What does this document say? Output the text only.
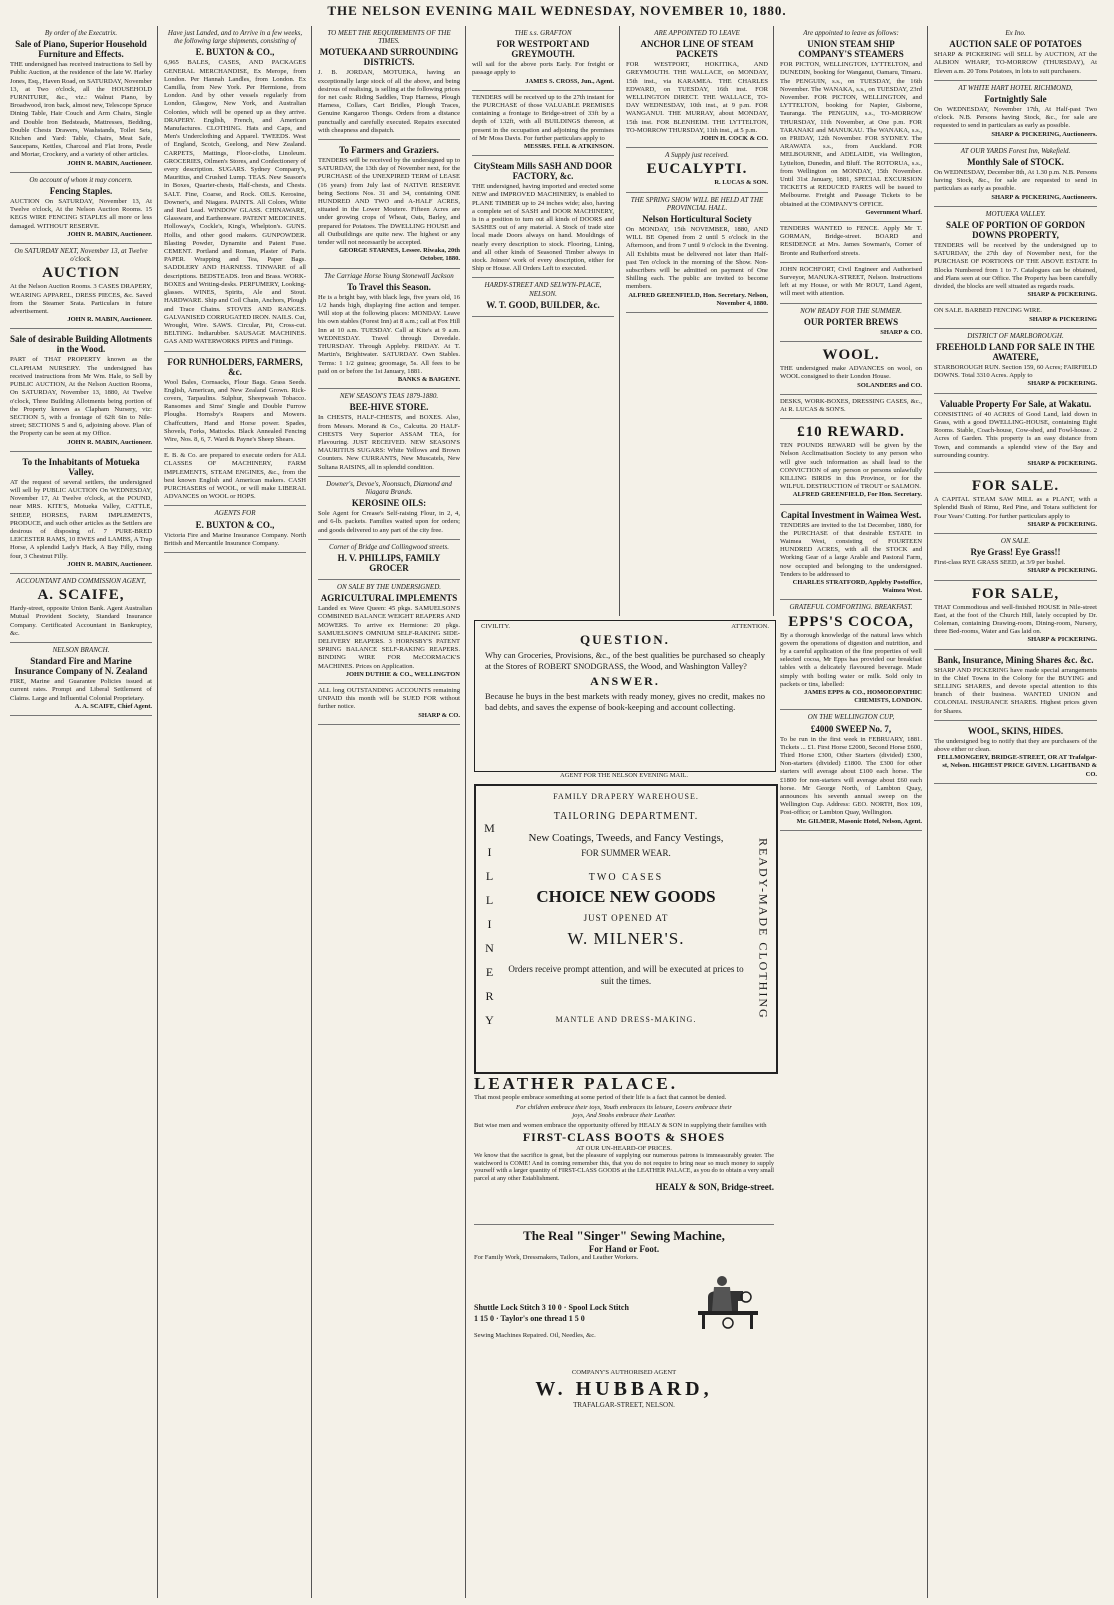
THE NELSON EVENING MAIL WEDNESDAY, NOVEMBER 10, 1880.
By order of the Executrix.
Sale of Piano, Superior Household Furniture and Effects.
THE undersigned has received instructions to Sell by Public Auction, at the residence of the late W. Harley Jones, Esq., Haven Road, on SATURDAY, November 13, at Two o'clock, all the HOUSEHOLD FURNITURE, &c., viz.: Walnut Piano, by Broadwood, iron back, almost new, Telescope Spruce Dining Table, Hair Couch and Arm Chairs, Single and Double Iron Bedsteads, Mattresses, Bedding, Double Chests Drawers, Washstands, Toilet Sets, Kitchen and Yard: Table, Chairs, Meat Safe, Saucepans, Kettles, Charcoal and Flat Irons, Pestle and Mortar, Crockery, and a variety of other articles.
JOHN R. MABIN, Auctioneer.
On account of whom it may concern.
Fencing Staples.
AUCTION On SATURDAY, November 13, At Twelve o'clock, At the Nelson Auction Rooms. 15 KEGS WIRE FENCING STAPLES all more or less damaged. WITHOUT RESERVE.
JOHN R. MABIN, Auctioneer.
On SATURDAY NEXT, November 13, at Twelve o'clock.
AUCTION
At the Nelson Auction Rooms. 3 CASES DRAPERY, WEARING APPAREL, DRESS PIECES, &c. Saved from the Steamer Srata. Particulars in future advertisement.
JOHN R. MABIN, Auctioneer.
Sale of desirable Building Allotments in the Wood.
PART of THAT PROPERTY known as the CLAPHAM NURSERY. The undersigned has received instructions from Mr Wm. Hale, to Sell by PUBLIC AUCTION, At the Nelson Auction Rooms, On SATURDAY, November 13, 1880, At Twelve o'clock, Three Building Allotments being portion of the Property known as Clapham Nursery, viz: SECTION 5, with a frontage of 62ft 6in to Nile-street; SECTIONS 5 and 6, adjoining above. Plan of the Property can be seen at my Office.
JOHN R. MABIN, Auctioneer.
To the Inhabitants of Motueka Valley.
AT the request of several settlers, the undersigned will sell by PUBLIC AUCTION On WEDNESDAY, November 17, At Twelve o'clock, at the POUND, near MRS. KITE'S, Motueka Valley, CATTLE, SHEEP, HORSES, FARM IMPLEMENTS, PRODUCE, and such other articles as the Settlers are desirous of disposing of. 7 PURE-BRED LEICESTER RAMS, 10 EWES and LAMBS, A Trap Horse, A splendid Lady's Hack, A Bay Filly, rising four, 3 Chestnut Filly.
JOHN R. MABIN, Auctioneer.
ACCOUNTANT AND COMMISSION AGENT,
A. SCAIFE,
Hardy-street, opposite Union Bank. Agent Australian Mutual Provident Society, Standard Insurance Company. Certificated Accountant in Bankruptcy, &c.
NELSON BRANCH.
Standard Fire and Marine Insurance Company of N. Zealand
FIRE, Marine and Guarantee Policies issued at current rates. Prompt and Liberal Settlement of Claims. Large and Influential Colonial Proprietary.
A. A. SCAIFE, Chief Agent.
Have just Landed, and to Arrive in a few weeks, the following large shipments, consisting of
E. BUXTON & CO.,
6,965 BALES, CASES, AND PACKAGES GENERAL MERCHANDISE, Ex Merope, from London. Per Hannah Landles, from London. Ex Camilla, from New York. Per Hermione, from London. And by other vessels regularly from London, Glasgow, New York, and Australian Colonies, which will be opened up as they arrive. DRAPERY. English, French, and American Manufactures. CLOTHING. Hats and Caps, and Men's Underclothing and Apparel. TWEEDS. West of England, Scotch, Geelong, and New Zealand. CARPETS, Mattings, Floor-cloths, Linoleum. GROCERIES, Oilmen's Stores, and Confectionery of every description. SUGARS. Sydney Company's, Mauritius, and Crushed Lump. TEAS. New Season's in Boxes, Quarter-chests, Half-chests, and Chests. SALT. Fine, Coarse, and Rock. OILS. Kerosine, Downer's, and Niagara. PAINTS. All Colors, White and Red Lead. WINDOW GLASS. CHINAWARE, Glassware, and Earthenware. PATENT MEDICINES. Holloway's, Cockle's, King's, Whelpton's. GUNS. Hollis, and other good makers. GUNPOWDER. Blasting Powder, Dynamite and Patent Fuse. CEMENT. Portland and Roman, Plaster of Paris. PAPER. Wrapping and Tea, Paper Bags. SADDLERY AND HARNESS. TINWARE of all descriptions. BEDSTEADS. Iron and Brass. WORK-BOXES and Writing-desks. PERFUMERY, Looking-glasses. WINES, Spirits, Ale and Stout. HARDWARE. Ship and Coil Chain, Anchors, Plough and Trace Chains. STOVES AND RANGES. GALVANISED CORRUGATED IRON. NAILS. Cut, Wrought, Wire. SAWS. Circular, Pit, Cross-cut. BELTING. Indiarubber. SAUSAGE MACHINES. GAS AND WATERWORKS PIPES and Fittings.
FOR RUNHOLDERS, FARMERS, &c.
Wool Bales, Cornsacks, Flour Bags. Grass Seeds. English, American, and New Zealand Grown. Rick-covers, Tarpaulins. Sulphur, Sheepwash Tobacco. Ransomes and Sims' Single and Double Furrow Ploughs. Hornsby's Reapers and Mowers. Chaffcutters, Hand and Horse power. Spades, Shovels, Forks, Mattocks. Black Annealed Fencing Wire, Nos. 8, 6, 7. Ward & Payne's Sheep Shears.
E. B. & Co. are prepared to execute orders for ALL CLASSES OF MACHINERY, FARM IMPLEMENTS, STEAM ENGINES, &c., from the best known English and American makers. CASH PURCHASERS of WOOL, or will make LIBERAL ADVANCES on WOOL or HOPS.
AGENTS FOR
E. BUXTON & CO.,
Victoria Fire and Marine Insurance Company. North British and Mercantile Insurance Company.
TO MEET THE REQUIREMENTS OF THE TIMES.
MOTUEKA AND SURROUNDING DISTRICTS.
J. B. JORDAN, MOTUEKA, having an exceptionally large stock of all the above, and being desirous of realising, is selling at the following prices for net cash: Riding Saddles, Trap Harness, Plough Harness, Collars, Cart Bridles, Plough Traces, Genuine Kangaroo Thongs. Orders from a distance punctually and carefully executed. Repairs executed with cheapness and dispatch.
To Farmers and Graziers.
TENDERS will be received by the undersigned up to SATURDAY, the 13th day of November next, for the PURCHASE of the UNEXPIRED TERM of LEASE (16 years) from July last of NATIVE RESERVE being Sections Nos. 31 and 34, containing ONE HUNDRED AND TWO and A-HALF ACRES, situated in the Lower Moutere. Fifteen Acres are under growing crops of Wheat, Oats, Barley, and prepared for Potatoes. The DWELLING HOUSE and all Outbuildings are quite new. The highest or any tender will not necessarily be accepted.
GEORGE STARNES, Lessee. Riwaka, 20th October, 1880.
The Carriage Horse Young Stonewall Jackson
To Travel this Season.
He is a bright bay, with black legs, five years old, 16 1/2 hands high, displaying fine action and temper. Will stop at the following places: MONDAY. Leave his own stables (Forest Inn) at 8 a.m.; call at Fox Hill Inn at 10 a.m. TUESDAY. Call at Kite's at 9 a.m. WEDNESDAY. Travel through Dovedale. THURSDAY. Through Appleby. FRIDAY. At T. Martin's, Brightwater. SATURDAY. Own Stables. Terms: 1 1/2 guinea; groomage, 5s. All fees to be paid on or before the 1st January, 1881.
BANKS & BAIGENT.
NEW SEASON'S TEAS 1879-1880.
BEE-HIVE STORE.
In CHESTS, HALF-CHESTS, and BOXES. Also, from Messrs. Morand & Co., Calcutta. 20 HALF-CHESTS Very Superior ASSAM TEA, for Flavouring. JUST RECEIVED. NEW SEASON'S MAURITIUS SUGARS: White Yellows and Brown Counters. New CURRANTS, New Muscatels, New Sultana RAISINS, all in splendid condition.
Downer's, Devoe's, Noonsuch, Diamond and Niagara Brands.
KEROSINE OILS:
Sole Agent for Crease's Self-raising Flour, in 2, 4, and 6-lb. packets. Families waited upon for orders; and goods delivered to any part of the city free.
Corner of Bridge and Collingwood streets.
H. V. PHILLIPS, FAMILY GROCER
ON SALE BY THE UNDERSIGNED.
AGRICULTURAL IMPLEMENTS
Landed ex Wave Queen: 45 pkgs. SAMUELSON'S COMBINED BALANCE WEIGHT REAPERS AND MOWERS. To arrive ex Hermione: 20 pkgs. SAMUELSON'S OMNIUM SELF-RAKING SIDE-DELIVERY REAPERS. 3 HORNSBY'S PATENT SPRING BALANCE SELF-RAKING REAPERS. BINDING WIRE FOR McCORMACK'S MACHINES. Prices on Application.
JOHN DUTHIE & CO., WELLINGTON
ALL long OUTSTANDING ACCOUNTS remaining UNPAID this month will be SUED FOR without further notice.
SHARP & CO.
THE s.s. GRAFTON
FOR WESTPORT AND GREYMOUTH.
will sail for the above ports Early. For freight or passage apply to
JAMES S. CROSS, Jun., Agent.
TENDERS will be received up to the 27th instant for the PURCHASE of those VALUABLE PREMISES containing a frontage to Bridge-street of 33ft by a depth of 132ft, with all BUILDINGS thereon, at present in the occupation and adjoining the premises of Mr Moss Davis. For further particulars apply to
MESSRS. FELL & ATKINSON.
CitySteam Mills SASH AND DOOR FACTORY, &c.
THE undersigned, having imported and erected some NEW and IMPROVED MACHINERY, is enabled to PLANE TIMBER up to 24 inches wide; also, having a complete set of SASH and DOOR MACHINERY, is in a position to turn out all kinds of DOORS and SASHES out of any material. A Stock of trade size local made Doors always on hand. Mouldings of nearly every description to stock. Flooring, Lining, and all other kinds of Seasoned Timber always in stock. Joiners' work of every description, either for Ship or House. All Orders Left to executed.
HARDY-STREET AND SELWYN-PLACE, NELSON.
W. T. GOOD, BUILDER, &c.
ARE APPOINTED TO LEAVE
ANCHOR LINE OF STEAM PACKETS
FOR WESTPORT, HOKITIKA, AND GREYMOUTH. THE WALLACE, on MONDAY, 15th inst., via KARAMEA. THE CHARLES EDWARD, on TUESDAY, 16th inst. FOR WELLINGTON DIRECT. THE WALLACE, TO-DAY WEDNESDAY, 10th inst., at 9 p.m. FOR WANGANUI. THE MURRAY, about MONDAY, 15th inst. FOR BLENHEIM. THE LYTTELTON, TO-MORROW THURSDAY, 11th inst., at 5 p.m.
JOHN H. COCK & CO.
A Supply just received.
EUCALYPTI.
R. LUCAS & SON.
THE SPRING SHOW WILL BE HELD AT THE PROVINCIAL HALL.
Nelson Horticultural Society
On MONDAY, 15th NOVEMBER, 1880, AND WILL BE Opened from 2 until 5 o'clock in the Afternoon, and from 7 until 9 o'clock in the Evening. All Exhibits must be delivered not later than Half-past Ten o'clock in the morning of the Show. Non-subscribers will be admitted on payment of One Shilling each. The public are invited to become members.
ALFRED GREENFIELD, Hon. Secretary. Nelson, November 4, 1880.
Are appointed to leave as follows:
UNION STEAM SHIP COMPANY'S STEAMERS
FOR PICTON, WELLINGTON, LYTTELTON, and DUNEDIN, booking for Wanganui, Oamaru, Timaru. The PENGUIN, s.s., on TUESDAY, the 16th November. The WANAKA, s.s., on TUESDAY, 23rd November. FOR PICTON, WELLINGTON, and LYTTELTON, booking for Napier, Gisborne, Tauranga. The PENGUIN, s.s., TO-MORROW THURSDAY, 11th November, at One p.m. FOR TARANAKI and MANUKAU. The WANAKA, s.s., on FRIDAY, 12th November. FOR SYDNEY. The ARAWATA s.s., from Auckland. FOR MELBOURNE, and ADELAIDE, via Wellington, Lyttelton, Dunedin, and Bluff. The ROTORUA, s.s., from Wellington on MONDAY, 15th November. Until 31st January, 1881, SPECIAL EXCURSION TICKETS at REDUCED FARES will be issued to Melbourne. Freight and Passage Tickets to be obtained at the COMPANY'S OFFICE.
Government Wharf.
TENDERS WANTED to FENCE. Apply Mr T. GORMAN, Bridge-street. BOARD and RESIDENCE at Mrs. James Sowman's, Corner of Bronte and Rutherford streets.
JOHN ROCHFORT, Civil Engineer and Authorised Surveyor, MANUKA-STREET, Nelson. Instructions left at my House, or with Mr ROUT, Land Agent, will meet with attention.
NOW READY FOR THE SUMMER.
OUR PORTER BREWS
SHARP & CO.
WOOL.
THE undersigned make ADVANCES on wool, on WOOL consigned to their London House.
SOLANDERS and CO.
DESKS, WORK-BOXES, DRESSING CASES, &c., At R. LUCAS & SON'S.
£10 REWARD.
TEN POUNDS REWARD will be given by the Nelson Acclimatisation Society to any person who will give such information as shall lead to the CONVICTION of any person or persons unlawfully KILLING BIRDS in this Province, or for the WILFUL DESTRUCTION of TROUT or SALMON.
ALFRED GREENFIELD, For Hon. Secretary.
Capital Investment in Waimea West.
TENDERS are invited to the 1st December, 1880, for the PURCHASE of that desirable ESTATE in Waimea West, consisting of FOURTEEN HUNDRED ACRES, with all the STOCK and Working Gear of a large Arable and Pastoral Farm, now occupied and belonging to the undersigned. Tenders to be addressed to
CHARLES STRATFORD, Appleby Postoffice, Waimea West.
GRATEFUL COMFORTING. BREAKFAST.
EPPS'S COCOA,
By a thorough knowledge of the natural laws which govern the operations of digestion and nutrition, and by a careful application of the fine properties of well selected cocoa, Mr Epps has provided our breakfast tables with a delicately flavoured beverage. Made simply with boiling water or milk. Sold only in packets or tins, labelled:
JAMES EPPS & CO., HOMOEOPATHIC CHEMISTS, LONDON.
ON THE WELLINGTON CUP,
£4000 SWEEP No. 7,
To be run in the first week in FEBRUARY, 1881. Tickets ... £1. First Horse £2000, Second Horse £600, Third Horse £300, Other Starters (divided) £300, Non-starters (divided) £1800. The £300 for other starters will average about £100 each horse. The £1800 for non-starters will average about £60 each horse. Mr George North, of Lambton Quay, announces his seventh annual sweep on the Wellington Cup. Address: GEO. NORTH, Box 109, Post-office; or Lambton Quay, Wellington.
Mr. GILMER, Masonic Hotel, Nelson, Agent.
Ex Ino.
AUCTION SALE OF POTATOES
SHARP & PICKERING will SELL by AUCTION, AT the ALBION WHARF, TO-MORROW (THURSDAY), At Eleven a.m. 20 Tons Potatoes, in lots to suit purchasers.
AT WHITE HART HOTEL RICHMOND,
Fortnightly Sale
On WEDNESDAY, November 17th, At Half-past Two o'clock. N.B. Persons having Stock, &c., for sale are requested to send in particulars as early as possible.
SHARP & PICKERING, Auctioneers.
AT OUR YARDS Forest Inn, Wakefield.
Monthly Sale of STOCK.
On WEDNESDAY, December 8th, At 1.30 p.m. N.B. Persons having Stock, &c., for sale are requested to send in particulars as early as possible.
SHARP & PICKERING, Auctioneers.
MOTUEKA VALLEY.
SALE OF PORTION OF GORDON DOWNS PROPERTY,
TENDERS will be received by the undersigned up to SATURDAY, the 27th day of November next, for the PURCHASE OF PORTIONS OF THE ABOVE ESTATE In Blocks Numbered from 1 to 7. Catalogues can be obtained, and Plans seen at our Office. The Property has been carefully divided, the blocks are well situated as regards roads.
SHARP & PICKERING.
ON SALE. BARBED FENCING WIRE.
SHARP & PICKERING
DISTRICT OF MARLBOROUGH.
FREEHOLD LAND FOR SALE IN THE AWATERE,
STARBOROUGH RUN. Section 159, 60 Acres; FAIRFIELD DOWNS. Total 3310 Acres. Apply to
SHARP & PICKERING.
Valuable Property For Sale, at Wakatu.
CONSISTING of 40 ACRES of Good Land, laid down in Grass, with a good DWELLING-HOUSE, containing Eight Rooms. Stable, Coach-house, Cow-shed, and Fowl-house. 2 Acres of Garden. This property is an easy distance from Town, and commands a splendid view of the Bay and surrounding country.
SHARP & PICKERING.
FOR SALE.
A CAPITAL STEAM SAW MILL as a PLANT, with a Splendid Bush of Rimu, Red Pine, and Totara sufficient for Four Years' Cutting. For further particulars apply to
SHARP & PICKERING.
ON SALE.
Rye Grass! Eye Grass!!
First-class RYE GRASS SEED, at 3/9 per bushel.
SHARP & PICKERING.
FOR SALE,
THAT Commodious and well-finished HOUSE in Nile-street East, at the foot of the Church Hill, lately occupied by Dr. Coleman, containing Drawing-room, Dining-room, Nursery, three Bed-rooms, Water and Gas laid on.
SHARP & PICKERING.
Bank, Insurance, Mining Shares &c. &c.
SHARP AND PICKERING have made special arrangements in the Chief Towns in the Colony for the BUYING and SELLING SHARES, and devote special attention to this branch of their business. WANTED UNION and COLONIAL INSURANCE SHARES. Highest prices given for Shares.
WOOL, SKINS, HIDES.
The undersigned beg to notify that they are purchasers of the above either or clean.
FELLMONGERY, BRIDGE-STREET, OR AT Trafalgar-st, Nelson. HIGHEST PRICE GIVEN. LIGHTBAND & CO.
CIVILITY.	ATTENTION.
QUESTION.
Why can Groceries, Provisions, &c., of the best qualities be purchased so cheaply at the Stores of ROBERT SNODGRASS, the Wood, and Washington Valley?
ANSWER.
Because he buys in the best markets with ready money, gives no credit, makes no bad debts, and saves the expense of book-keeping and account collecting.
AGENT FOR THE NELSON EVENING MAIL.
MILLINERY	READY-MADE CLOTHING
FAMILY DRAPERY WAREHOUSE.
TAILORING DEPARTMENT.
New Coatings, Tweeds, and Fancy Vestings,
FOR SUMMER WEAR.
TWO CASES
CHOICE NEW GOODS
JUST OPENED AT
W. MILNER'S.
Orders receive prompt attention, and will be executed at prices to suit the times.
MANTLE AND DRESS-MAKING.
LEATHER PALACE.
That most people embrace something at some period of their life is a fact that cannot be denied.
For children embrace their toys, Youth embraces its leisure, Lovers embrace their joys, And Snobs embrace their Leather.
But wise men and women embrace the opportunity offered by HEALY & SON in supplying their families with
FIRST-CLASS BOOTS & SHOES
AT OUR UN-HEARD-OF PRICES.
We know that the sacrifice is great, but the pleasure of supplying our numerous patrons is immeasurably greater. The watchword is COME! And in coming remember this, that you do not require to bring near so much money to supply yourself with a larger quantity of FIRST-CLASS GOODS at the LEATHER PALACE, as you do to obtain a very small parcel at any other Establishment.
HEALY & SON, Bridge-street.
The Real "Singer" Sewing Machine,
For Hand or Foot.
For Family Work, Dressmakers, Tailors, and Leather Workers.
Shuttle Lock Stitch 3 10 0 · Spool Lock Stitch 1 15 0 · Taylor's one thread 1 5 0
Sewing Machines Repaired. Oil, Needles, &c.
COMPANY'S AUTHORISED AGENT
W. HUBBARD,
TRAFALGAR-STREET, NELSON.
